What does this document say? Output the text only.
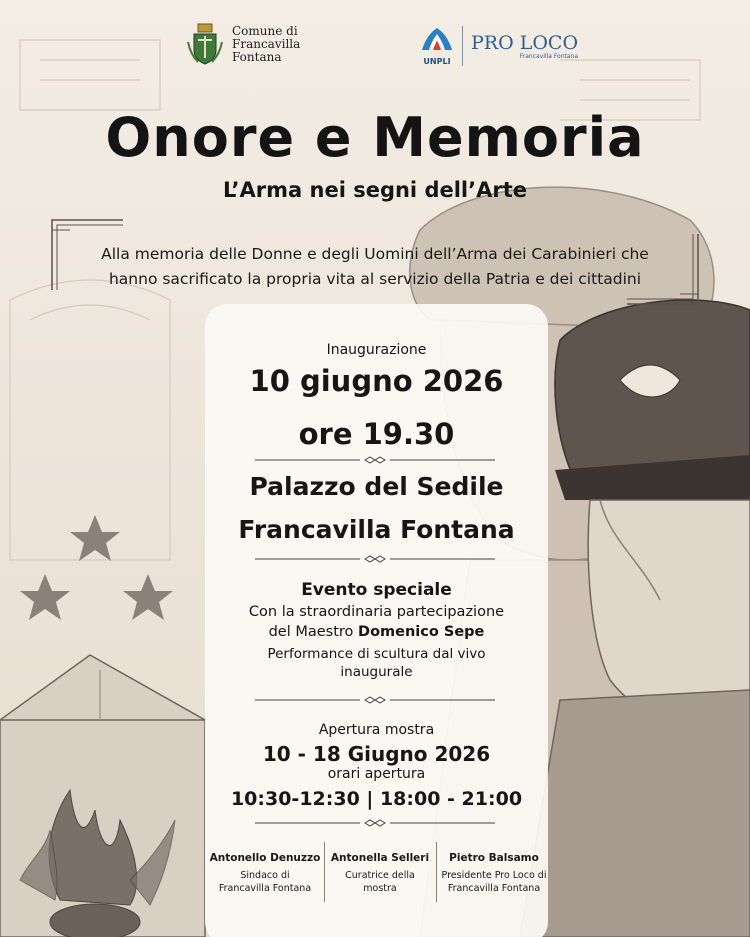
Comune di
Francavilla
Fontana	UNPLI
PRO LOCO
Francavilla Fontana
Onore e Memoria
L’Arma nei segni dell’Arte
Alla memoria delle Donne e degli Uomini dell’Arma dei Carabinieri che
hanno sacrificato la propria vita al servizio della Patria e dei cittadini
Inaugurazione
10 giugno 2026
ore 19.30
Palazzo del Sedile
Francavilla Fontana
Evento speciale
Con la straordinaria partecipazione
del Maestro Domenico Sepe
Performance di scultura dal vivo
inaugurale
Apertura mostra
10 - 18 Giugno 2026
orari apertura
10:30-12:30 | 18:00 - 21:00
Antonello Denuzzo
Sindaco di
Francavilla Fontana
Antonella Selleri
Curatrice della
mostra
Pietro Balsamo
Presidente Pro Loco di
Francavilla Fontana
